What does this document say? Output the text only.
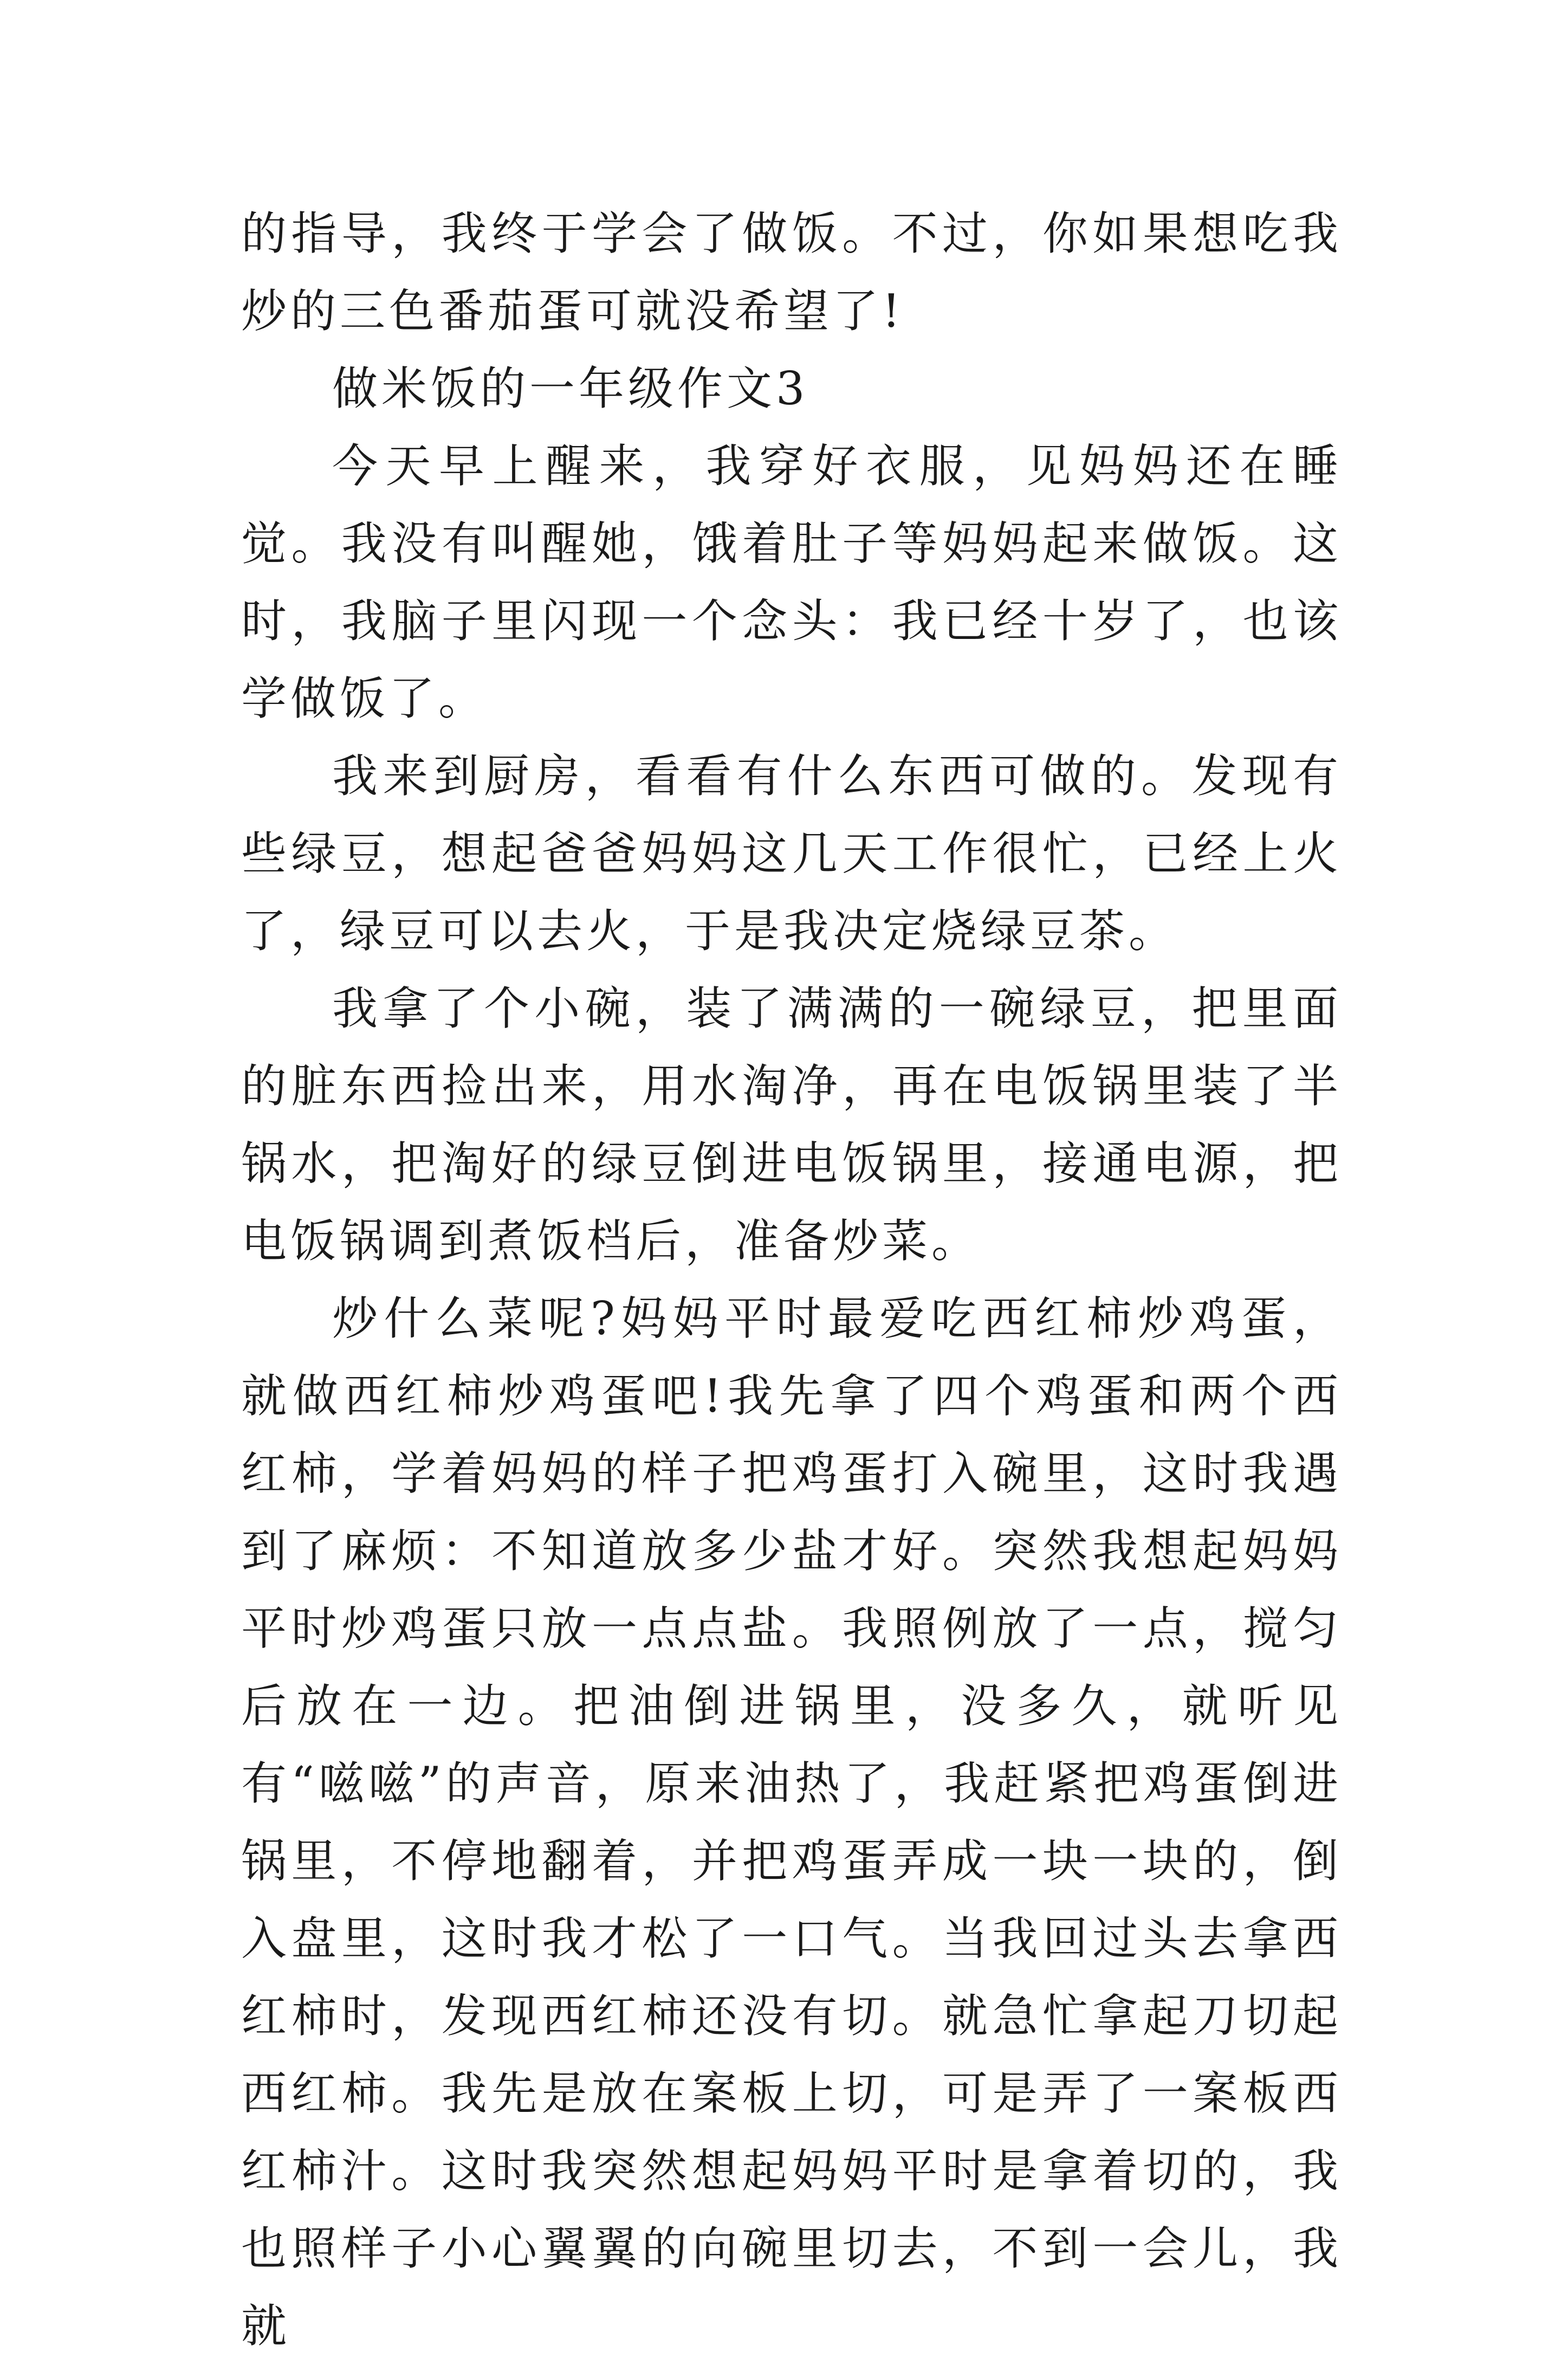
的指导，我终于学会了做饭。不过，你如果想吃我炒的三色番茄蛋可就没希望了!

做米饭的一年级作文3

今天早上醒来，我穿好衣服，见妈妈还在睡觉。我没有叫醒她，饿着肚子等妈妈起来做饭。这时，我脑子里闪现一个念头：我已经十岁了，也该学做饭了。

我来到厨房，看看有什么东西可做的。发现有些绿豆，想起爸爸妈妈这几天工作很忙，已经上火了，绿豆可以去火，于是我决定烧绿豆茶。

我拿了个小碗，装了满满的一碗绿豆，把里面的脏东西捡出来，用水淘净，再在电饭锅里装了半锅水，把淘好的绿豆倒进电饭锅里，接通电源，把电饭锅调到煮饭档后，准备炒菜。

炒什么菜呢?妈妈平时最爱吃西红柿炒鸡蛋，就做西红柿炒鸡蛋吧!我先拿了四个鸡蛋和两个西红柿，学着妈妈的样子把鸡蛋打入碗里，这时我遇到了麻烦：不知道放多少盐才好。突然我想起妈妈平时炒鸡蛋只放一点点盐。我照例放了一点，搅匀后放在一边。把油倒进锅里，没多久，就听见有“嗞嗞”的声音，原来油热了，我赶紧把鸡蛋倒进锅里，不停地翻着，并把鸡蛋弄成一块一块的，倒入盘里，这时我才松了一口气。当我回过头去拿西红柿时，发现西红柿还没有切。就急忙拿起刀切起西红柿。我先是放在案板上切，可是弄了一案板西红柿汁。这时我突然想起妈妈平时是拿着切的，我也照样子小心翼翼的向碗里切去，不到一会儿，我就
